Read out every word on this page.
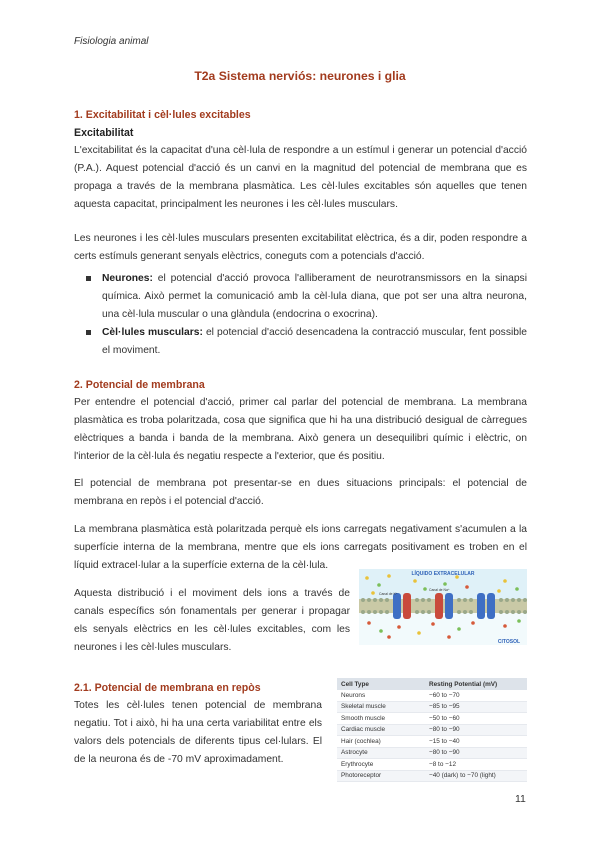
Fisiologia animal
T2a Sistema nerviós: neurones i glia
1. Excitabilitat i cèl·lules excitables
Excitabilitat

L'excitabilitat és la capacitat d'una cèl·lula de respondre a un estímul i generar un potencial d'acció (P.A.). Aquest potencial d'acció és un canvi en la magnitud del potencial de membrana que es propaga a través de la membrana plasmàtica. Les cèl·lules excitables són aquelles que tenen aquesta capacitat, principalment les neurones i les cèl·lules musculars.

Les neurones i les cèl·lules musculars presenten excitabilitat elèctrica, és a dir, poden respondre a certs estímuls generant senyals elèctrics, coneguts com a potencials d'acció.

Neurones: el potencial d'acció provoca l'alliberament de neurotransmissors en la sinapsi química. Això permet la comunicació amb la cèl·lula diana, que pot ser una altra neurona, una cèl·lula muscular o una glàndula (endocrina o exocrina).
Cèl·lules musculars: el potencial d'acció desencadena la contracció muscular, fent possible el moviment.
2. Potencial de membrana

Per entendre el potencial d'acció, primer cal parlar del potencial de membrana. La membrana plasmàtica es troba polaritzada, cosa que significa que hi ha una distribució desigual de càrregues elèctriques a banda i banda de la membrana. Això genera un desequilibri químic i elèctric, on l'interior de la cèl·lula és negatiu respecte a l'exterior, que és positiu.

El potencial de membrana pot presentar-se en dues situacions principals: el potencial de membrana en repòs i el potencial d'acció.

La membrana plasmàtica està polaritzada perquè els ions carregats negativament s'acumulen a la superfície interna de la membrana, mentre que els ions carregats positivament es troben en el líquid extracel·lular a la superfície externa de la cèl·lula.

Aquesta distribució i el moviment dels ions a través de canals específics són fonamentals per generar i propagar els senyals elèctrics en les cèl·lules excitables, com les neurones i les cèl·lules musculars.

LÍQUIDO EXTRACELULAR
Canal de K⁺
Canal de Na⁺
CITOSOL
2.1. Potencial de membrana en repòs

Totes les cèl·lules tenen potencial de membrana negatiu. Tot i això, hi ha una certa variabilitat entre els valors dels potencials de diferents tipus cel·lulars. El de la neurona és de -70 mV aproximadament.

Cell Type	Resting Potential (mV)
Neurons	−60 to −70
Skeletal muscle	−85 to −95
Smooth muscle	−50 to −60
Cardiac muscle	−80 to −90
Hair (cochlea)	−15 to −40
Astrocyte	−80 to −90
Erythrocyte	−8 to −12
Photoreceptor	−40 (dark) to −70 (light)
11
